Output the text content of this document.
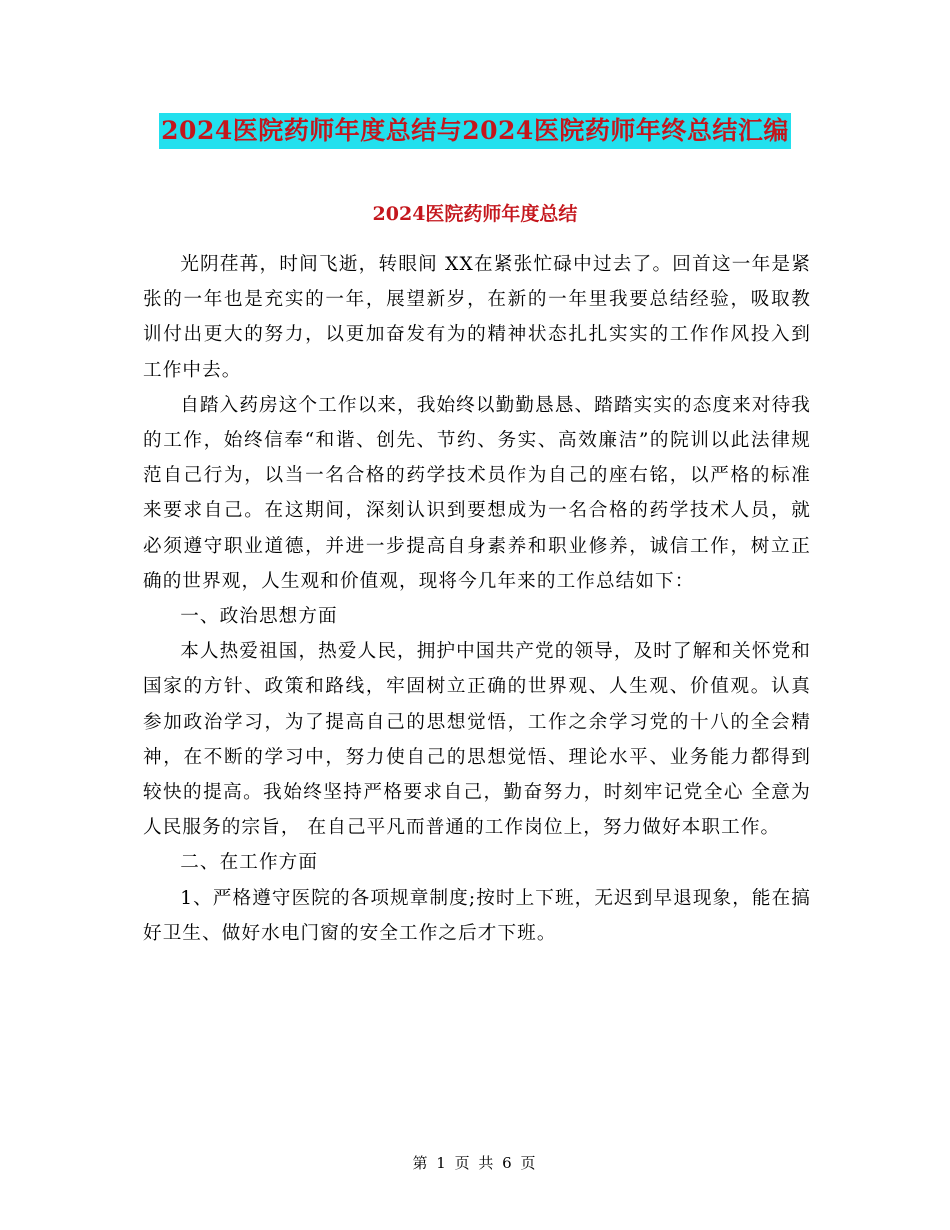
2024医院药师年度总结与2024医院药师年终总结汇编
2024医院药师年度总结

光阴荏苒，时间飞逝，转眼间 XX在紧张忙碌中过去了。回首这一年是紧张的一年也是充实的一年，展望新岁，在新的一年里我要总结经验，吸取教训付出更大的努力，以更加奋发有为的精神状态扎扎实实的工作作风投入到工作中去。

自踏入药房这个工作以来，我始终以勤勤恳恳、踏踏实实的态度来对待我的工作，始终信奉“和谐、创先、节约、务实、高效廉洁”的院训以此法律规范自己行为，以当一名合格的药学技术员作为自己的座右铭，以严格的标准来要求自己。在这期间，深刻认识到要想成为一名合格的药学技术人员，就必须遵守职业道德，并进一步提高自身素养和职业修养，诚信工作，树立正确的世界观，人生观和价值观，现将今几年来的工作总结如下：

一、政治思想方面

本人热爱祖国，热爱人民，拥护中国共产党的领导，及时了解和关怀党和国家的方针、政策和路线，牢固树立正确的世界观、人生观、价值观。认真参加政治学习，为了提高自己的思想觉悟，工作之余学习党的十八的全会精神，在不断的学习中，努力使自己的思想觉悟、理论水平、业务能力都得到较快的提高。我始终坚持严格要求自己，勤奋努力，时刻牢记党全心 全意为人民服务的宗旨， 在自己平凡而普通的工作岗位上，努力做好本职工作。

二、在工作方面

1、严格遵守医院的各项规章制度;按时上下班，无迟到早退现象，能在搞好卫生、做好水电门窗的安全工作之后才下班。

第 1 页 共 6 页
